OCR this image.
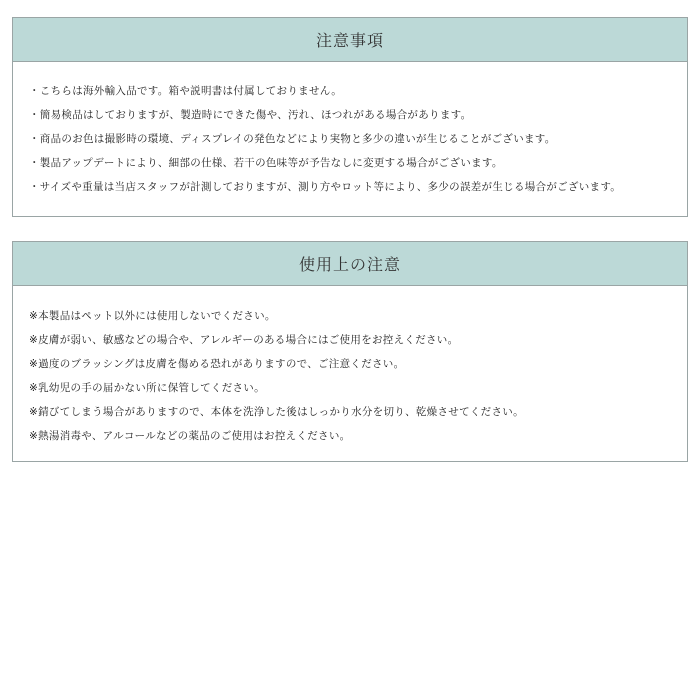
注意事項
・こちらは海外輸入品です。箱や説明書は付属しておりません。
・簡易検品はしておりますが、製造時にできた傷や、汚れ、ほつれがある場合があります。
・商品のお色は撮影時の環境、ディスプレイの発色などにより実物と多少の違いが生じることがございます。
・製品アップデートにより、細部の仕様、若干の色味等が予告なしに変更する場合がございます。
・サイズや重量は当店スタッフが計測しておりますが、測り方やロット等により、多少の誤差が生じる場合がございます。
使用上の注意
※本製品はペット以外には使用しないでください。
※皮膚が弱い、敏感などの場合や、アレルギーのある場合にはご使用をお控えください。
※過度のブラッシングは皮膚を傷める恐れがありますので、ご注意ください。
※乳幼児の手の届かない所に保管してください。
※錆びてしまう場合がありますので、本体を洗浄した後はしっかり水分を切り、乾燥させてください。
※熱湯消毒や、アルコールなどの薬品のご使用はお控えください。
